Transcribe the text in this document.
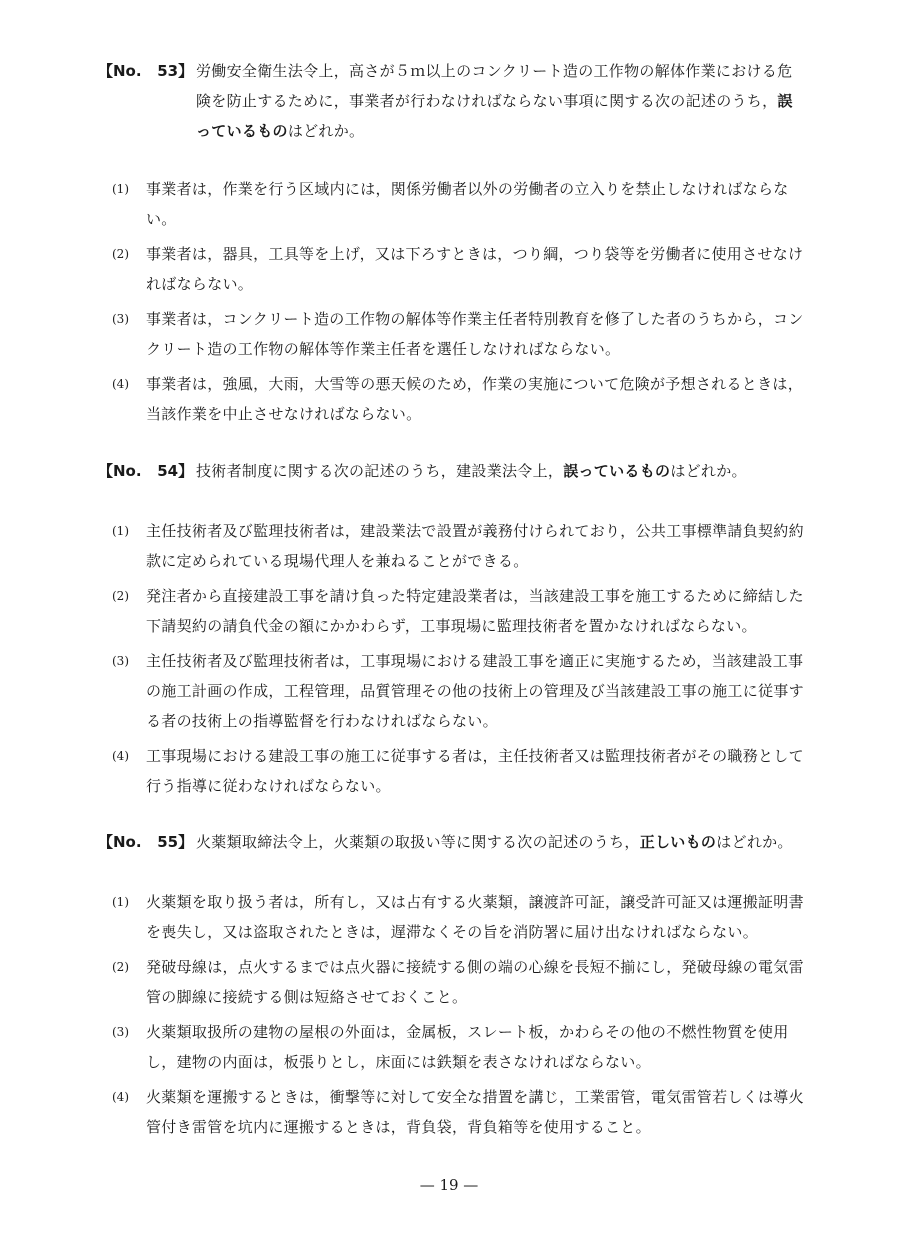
【No.   53】 労働安全衛生法令上，高さが５ｍ以上のコンクリート造の工作物の解体作業における危険を防止するために，事業者が行わなければならない事項に関する次の記述のうち，誤っているものはどれか。
(1) 事業者は，作業を行う区域内には，関係労働者以外の労働者の立入りを禁止しなければならない。
(2) 事業者は，器具，工具等を上げ，又は下ろすときは，つり綱，つり袋等を労働者に使用させなければならない。
(3) 事業者は，コンクリート造の工作物の解体等作業主任者特別教育を修了した者のうちから，コンクリート造の工作物の解体等作業主任者を選任しなければならない。
(4) 事業者は，強風，大雨，大雪等の悪天候のため，作業の実施について危険が予想されるときは，当該作業を中止させなければならない。
【No.   54】 技術者制度に関する次の記述のうち，建設業法令上，誤っているものはどれか。
(1) 主任技術者及び監理技術者は，建設業法で設置が義務付けられており，公共工事標準請負契約約款に定められている現場代理人を兼ねることができる。
(2) 発注者から直接建設工事を請け負った特定建設業者は，当該建設工事を施工するために締結した下請契約の請負代金の額にかかわらず，工事現場に監理技術者を置かなければならない。
(3) 主任技術者及び監理技術者は，工事現場における建設工事を適正に実施するため，当該建設工事の施工計画の作成，工程管理，品質管理その他の技術上の管理及び当該建設工事の施工に従事する者の技術上の指導監督を行わなければならない。
(4) 工事現場における建設工事の施工に従事する者は，主任技術者又は監理技術者がその職務として行う指導に従わなければならない。
【No.   55】 火薬類取締法令上，火薬類の取扱い等に関する次の記述のうち，正しいものはどれか。
(1) 火薬類を取り扱う者は，所有し，又は占有する火薬類，譲渡許可証，譲受許可証又は運搬証明書を喪失し，又は盗取されたときは，遅滞なくその旨を消防署に届け出なければならない。
(2) 発破母線は，点火するまでは点火器に接続する側の端の心線を長短不揃にし，発破母線の電気雷管の脚線に接続する側は短絡させておくこと。
(3) 火薬類取扱所の建物の屋根の外面は，金属板，スレート板，かわらその他の不燃性物質を使用し，建物の内面は，板張りとし，床面には鉄類を表さなければならない。
(4) 火薬類を運搬するときは，衝撃等に対して安全な措置を講じ，工業雷管，電気雷管若しくは導火管付き雷管を坑内に運搬するときは，背負袋，背負箱等を使用すること。
— 19 —
